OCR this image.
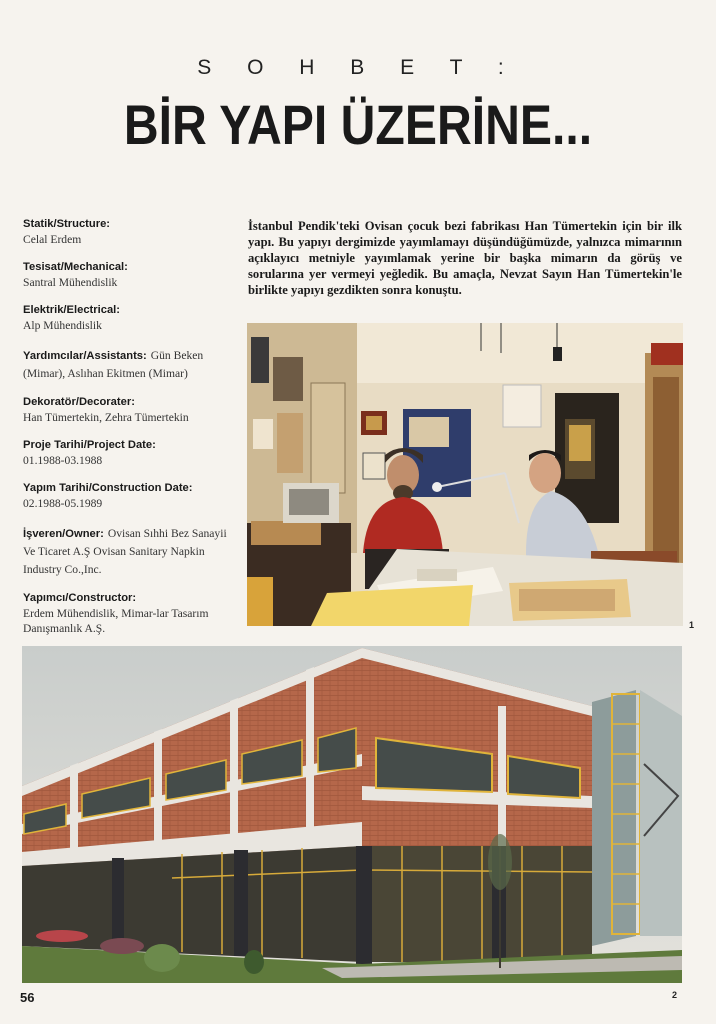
S O H B E T :
BİR YAPI ÜZERİNE...
Statik/Structure:
Celal Erdem
Tesisat/Mechanical:
Santral Mühendislik
Elektrik/Electrical:
Alp Mühendislik
Yardımcılar/Assistants: Gün Beken (Mimar), Aslıhan Ekitmen (Mimar)
Dekoratör/Decorater:
Han Tümertekin, Zehra Tümertekin
Proje Tarihi/Project Date:
01.1988-03.1988
Yapım Tarihi/Construction Date:
02.1988-05.1989
İşveren/Owner: Ovisan Sıhhi Bez Sanayii Ve Ticaret A.Ş Ovisan Sanitary Napkin Industry Co.,Inc.
Yapımcı/Constructor:
Erdem Mühendislik, Mimar-lar Tasarım Danışmanlık A.Ş.
İstanbul Pendik'teki Ovisan çocuk bezi fabrikası Han Tümertekin için bir ilk yapı. Bu yapıyı dergimizde yayımlamayı düşündüğümüzde, yalnızca mimarının açıklayıcı metniyle yayımlamak yerine bir başka mimarın da görüş ve sorularına yer vermeyi yeğledik. Bu amaçla, Nevzat Sayın Han Tümertekin'le birlikte yapıyı gezdikten sonra konuştu.
1
2
56
